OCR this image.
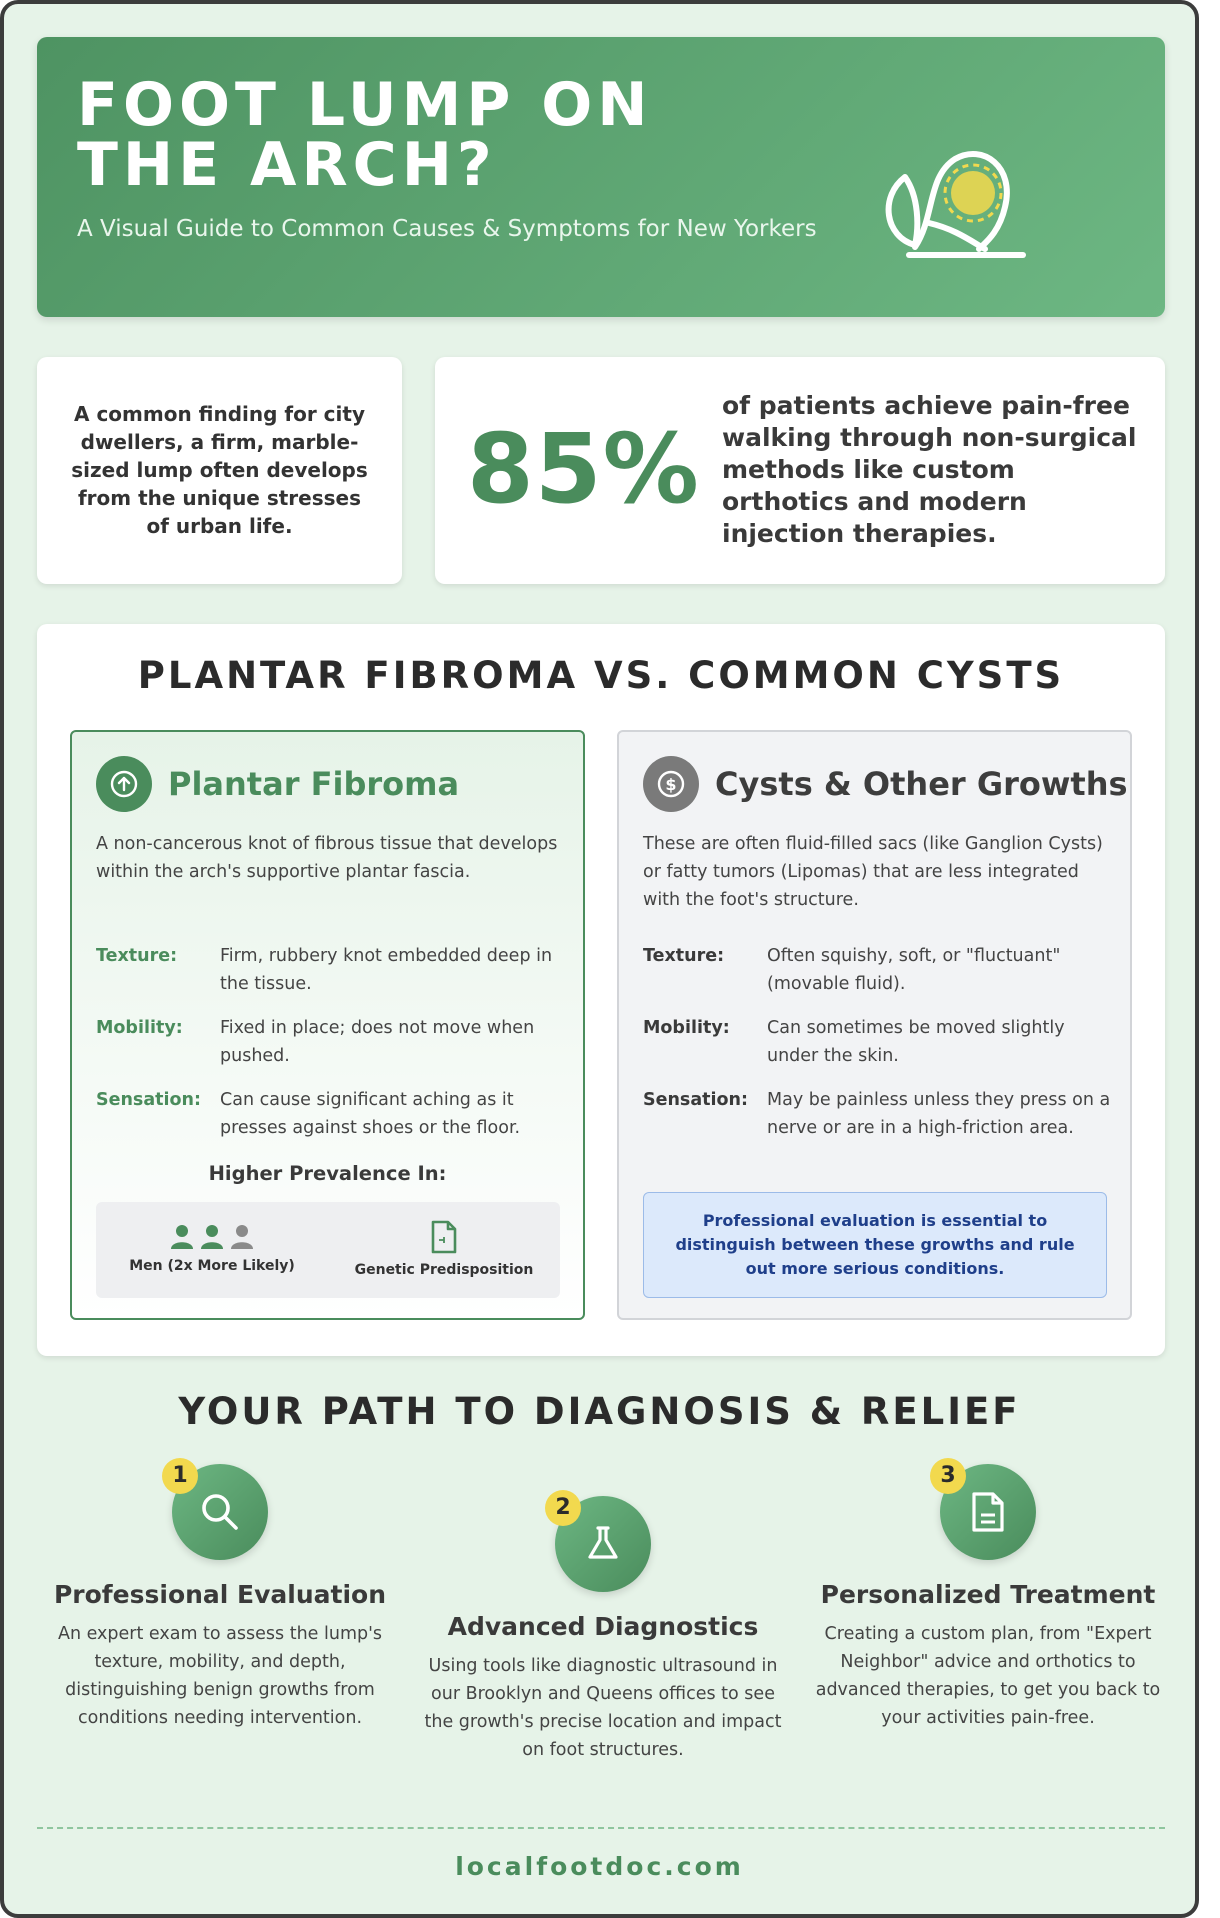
FOOT LUMP ON THE ARCH?
A Visual Guide to Common Causes & Symptoms for New Yorkers
A common finding for city dwellers, a firm, marble-sized lump often develops from the unique stresses of urban life.
85%
of patients achieve pain-free walking through non-surgical methods like custom orthotics and modern injection therapies.
PLANTAR FIBROMA VS. COMMON CYSTS
Plantar Fibroma
A non-cancerous knot of fibrous tissue that develops within the arch's supportive plantar fascia.
Texture: Firm, rubbery knot embedded deep in the tissue.
Mobility: Fixed in place; does not move when pushed.
Sensation: Can cause significant aching as it presses against shoes or the floor.
Higher Prevalence In:
Men (2x More Likely)	Genetic Predisposition
$ Cysts & Other Growths
These are often fluid-filled sacs (like Ganglion Cysts) or fatty tumors (Lipomas) that are less integrated with the foot's structure.
Texture: Often squishy, soft, or "fluctuant" (movable fluid).
Mobility: Can sometimes be moved slightly under the skin.
Sensation: May be painless unless they press on a nerve or are in a high-friction area.
Professional evaluation is essential to distinguish between these growths and rule out more serious conditions.
YOUR PATH TO DIAGNOSIS & RELIEF
1
Professional Evaluation
An expert exam to assess the lump's texture, mobility, and depth, distinguishing benign growths from conditions needing intervention.
2
Advanced Diagnostics
Using tools like diagnostic ultrasound in our Brooklyn and Queens offices to see the growth's precise location and impact on foot structures.
3
Personalized Treatment
Creating a custom plan, from "Expert Neighbor" advice and orthotics to advanced therapies, to get you back to your activities pain-free.
localfootdoc.com
